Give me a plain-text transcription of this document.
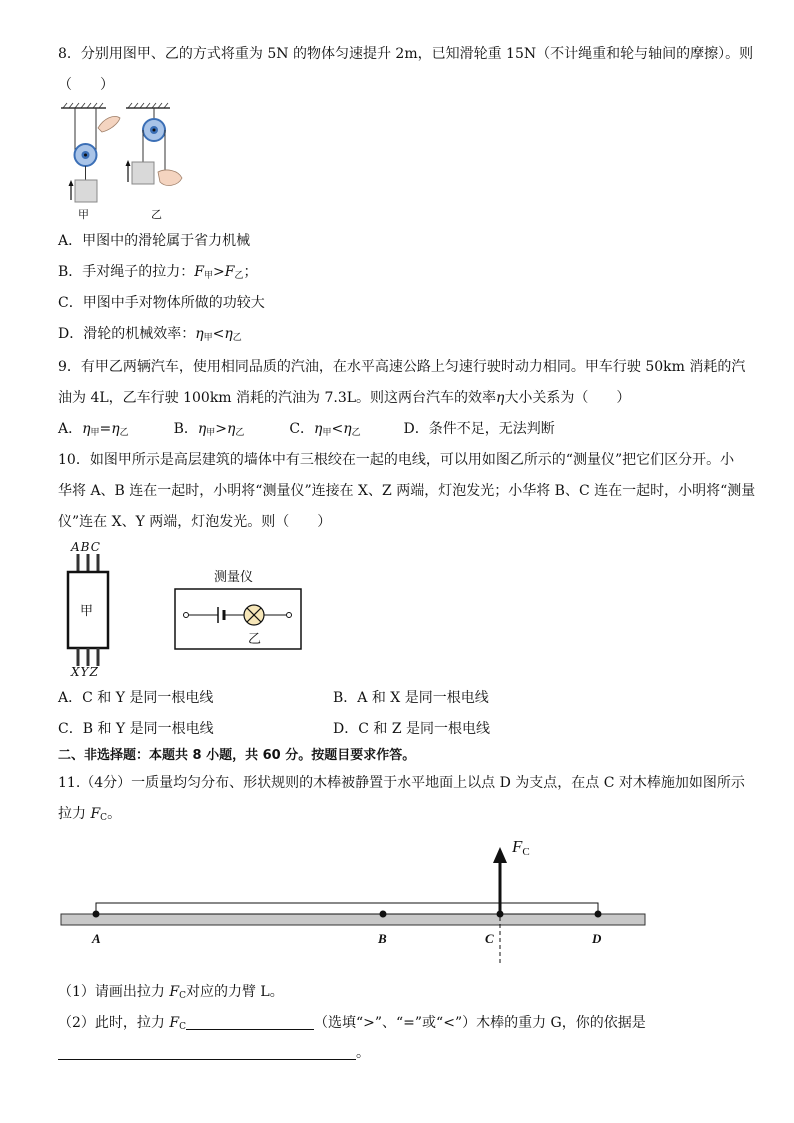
8．分别用图甲、乙的方式将重为 5N 的物体匀速提升 2m，已知滑轮重 15N（不计绳重和轮与轴间的摩擦）。则
（　　）
甲	乙
A．甲图中的滑轮属于省力机械
B．手对绳子的拉力：$F_甲>F_乙$；
C．甲图中手对物体所做的功较大
D．滑轮的机械效率：$\eta_甲<\eta_乙$
9．有甲乙两辆汽车，使用相同品质的汽油，在水平高速公路上匀速行驶时动力相同。甲车行驶 50km 消耗的汽
油为 4L，乙车行驶 100km 消耗的汽油为 7.3L。则这两台汽车的效率η大小关系为（　　）
A．$\eta_甲=\eta_乙$	B．$\eta_甲>\eta_乙$	C．$\eta_甲<\eta_乙$	D．条件不足，无法判断
10．如图甲所示是高层建筑的墙体中有三根绞在一起的电线，可以用如图乙所示的“测量仪”把它们区分开。小
华将 A、B 连在一起时，小明将“测量仪”连接在 X、Z 两端，灯泡发光；小华将 B、C 连在一起时，小明将“测量
仪”连在 X、Y 两端，灯泡发光。则（　　）
ABC
甲
XYZ
测量仪
乙
A．C 和 Y 是同一根电线	B．A 和 X 是同一根电线
C．B 和 Y 是同一根电线	D．C 和 Z 是同一根电线
二、非选择题：本题共 8 小题，共 60 分。按题目要求作答。
11.（4分）一质量均匀分布、形状规则的木棒被静置于水平地面上以点 D 为支点，在点 C 对木棒施加如图所示
拉力 $F_C$。
FC
A	B	C	D
（1）请画出拉力 $F_C$对应的力臂 L。
（2）此时，拉力 $F_C$	（选填“>”、“=”或“<”）木棒的重力 G，你的依据是
。
